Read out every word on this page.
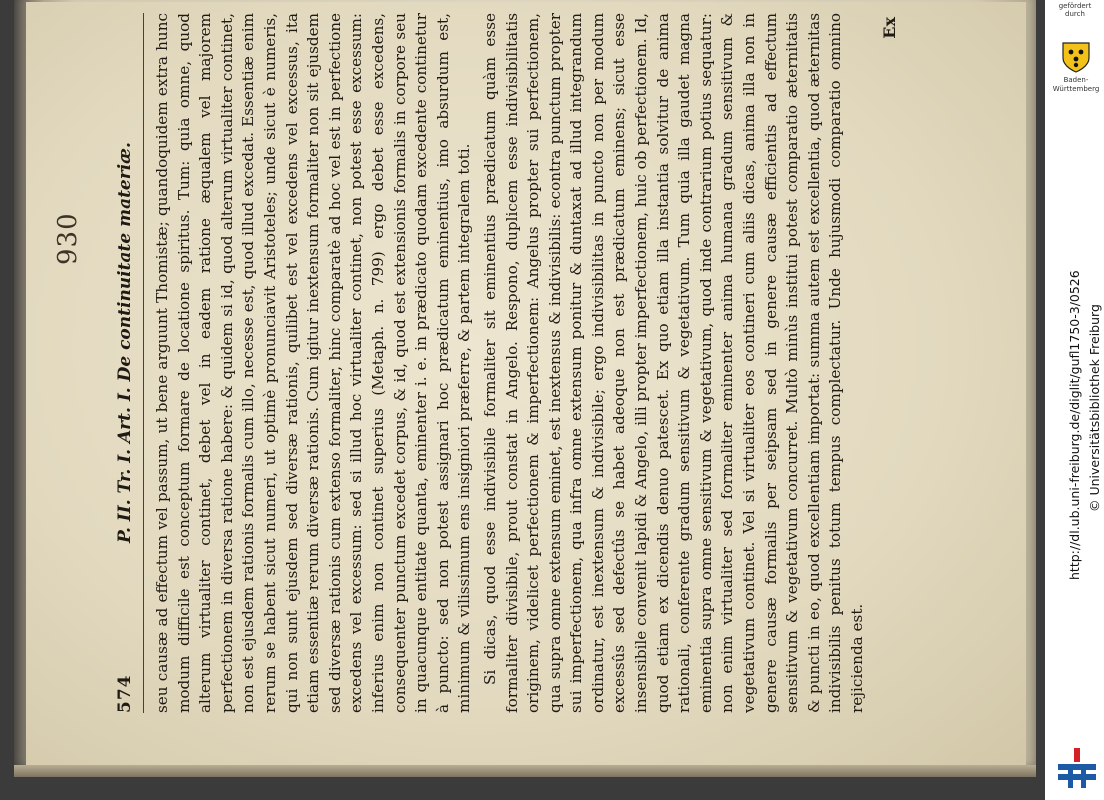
574
P. II. Tr. I. Art. I. De continuitate materiæ. seu causæ ad effectum vel passum, ut bene arguunt Thomistæ; quandoquidem extra hunc modum difficile est conceptum formare de locatione spiritus. Tum: quia omne, quod alterum virtualiter continet, debet vel in eadem ratione æqualem vel majorem perfectionem in diversa ratione habere: & quidem si id, quod alterum virtualiter continet, non est ejusdem rationis formalis cum illo, necesse est, quod illud excedat. Essentiæ enim rerum se habent sicut numeri, ut optimè pronunciavit Aristoteles; unde sicut è numeris, qui non sunt ejusdem sed diversæ rationis, quilibet est vel excedens vel excessus, ita etiam essentiæ rerum diversæ rationis. Cum igitur inextensum formaliter non sit ejusdem sed diversæ rationis cum extenso formaliter, hinc comparatè ad hoc vel est in perfectione excedens vel excessum: sed si illud hoc virtualiter continet, non potest esse excessum: inferius enim non continet superius (Metaph. n. 799) ergo debet esse excedens, consequenter punctum excedet corpus, & id, quod est extensionis formalis in corpore seu in quacunque entitate quanta, eminenter i. e. in prædicato quodam excedente continetur à puncto: sed non potest assignari hoc prædicatum eminentius, imo absurdum est, minimum & vilissimum ens insigniori præferre, & partem integralem toti. Si dicas, quod esse indivisibile formaliter sit eminentius prædicatum quàm esse formaliter divisibile, prout constat in Angelo. Respono, duplicem esse indivisibilitatis originem, videlicet perfectionem & imperfectionem: Angelus propter sui perfectionem, qua supra omne extensum eminet, est inextensus & indivisibilis: econtra punctum propter sui imperfectionem, qua infra omne extensum ponitur & duntaxat ad illud integrandum ordinatur, est inextensum & indivisibile; ergo indivisibilitas in puncto non per modum excessûs sed defectûs se habet adeoque non est prædicatum eminens; sicut esse insensibile convenit lapidi & Angelo, illi propter imperfectionem, huic ob perfectionem. Id, quod etiam ex dicendis denuo patescet. Ex quo etiam illa instantia solvitur de anima rationali, conferente gradum sensitivum & vegetativum. Tum quia illa gaudet magna eminentia supra omne sensitivum & vegetativum, quod inde contrarium potius sequatur: non enim virtualiter sed formaliter eminenter anima humana gradum sensitivum & vegetativum continet. Vel si virtualiter eos contineri cum aliis dicas, anima illa non in genere causæ formalis per seipsam sed in genere causæ efficientis ad effectum sensitivum & vegetativum concurret. Multò minùs institui potest comparatio æternitatis & puncti in eo, quod excellentiam importat: summa autem est excellentia, quod æternitas indivisibilis penitus totum tempus complectatur. Unde hujusmodi comparatio omnino rejicienda est.

Ex
930
gefördert durch
Baden-Württemberg
http://dl.ub.uni-freiburg.de/diglit/gufl1750-3/0526 © Universitätsbibliothek Freiburg
